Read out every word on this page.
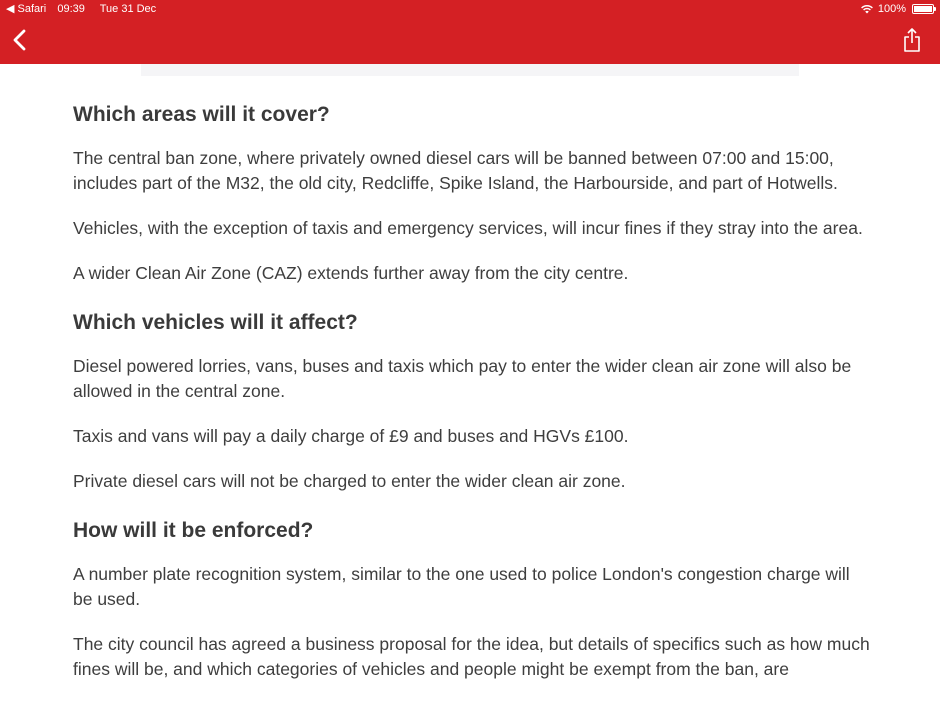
◀ Safari 09:39 Tue 31 Dec	100%
Which areas will it cover?

The central ban zone, where privately owned diesel cars will be banned between 07:00 and 15:00, includes part of the M32, the old city, Redcliffe, Spike Island, the Harbourside, and part of Hotwells.

Vehicles, with the exception of taxis and emergency services, will incur fines if they stray into the area.

A wider Clean Air Zone (CAZ) extends further away from the city centre.

Which vehicles will it affect?

Diesel powered lorries, vans, buses and taxis which pay to enter the wider clean air zone will also be allowed in the central zone.

Taxis and vans will pay a daily charge of £9 and buses and HGVs £100.

Private diesel cars will not be charged to enter the wider clean air zone.

How will it be enforced?

A number plate recognition system, similar to the one used to police London's congestion charge will be used.

The city council has agreed a business proposal for the idea, but details of specifics such as how much fines will be, and which categories of vehicles and people might be exempt from the ban, are
